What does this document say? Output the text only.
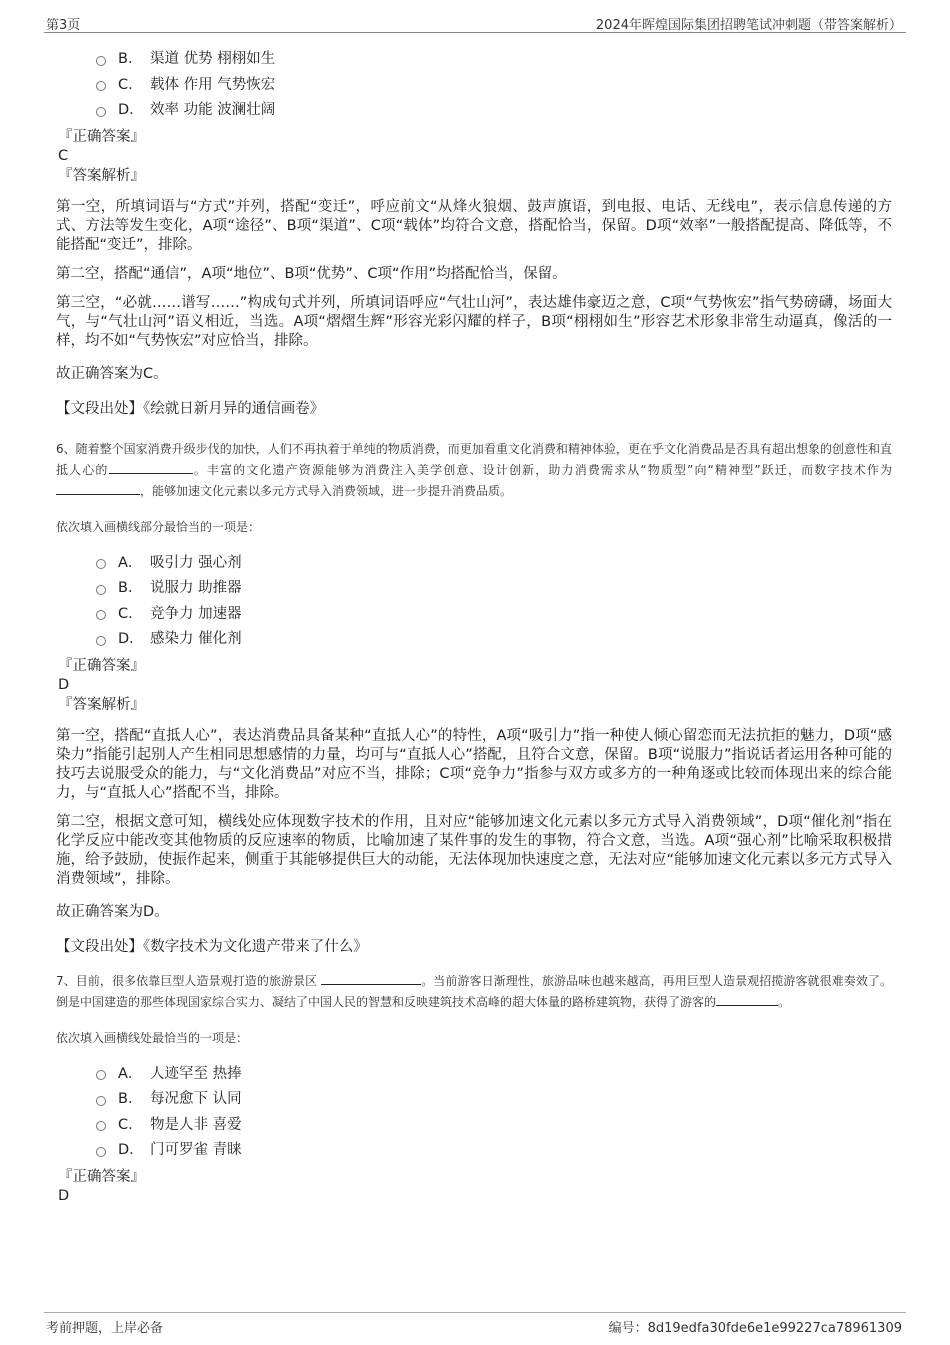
第3页	2024年晖煌国际集团招聘笔试冲刺题（带答案解析）
B． 渠道 优势 栩栩如生
C． 载体 作用 气势恢宏
D． 效率 功能 波澜壮阔
『正确答案』
C
『答案解析』

第一空，所填词语与“方式”并列，搭配“变迁”，呼应前文“从烽火狼烟、鼓声旗语，到电报、电话、无线电”，表示信息传递的方式、方法等发生变化，A项“途径”、B项“渠道”、C项“载体”均符合文意，搭配恰当，保留。D项“效率”一般搭配提高、降低等，不能搭配“变迁”，排除。

第二空，搭配“通信”，A项“地位”、B项“优势”、C项“作用”均搭配恰当，保留。

第三空，“必就……谱写……”构成句式并列，所填词语呼应“气壮山河”，表达雄伟豪迈之意，C项“气势恢宏”指气势磅礴，场面大气，与“气壮山河”语义相近，当选。A项“熠熠生辉”形容光彩闪耀的样子，B项“栩栩如生”形容艺术形象非常生动逼真，像活的一样，均不如“气势恢宏”对应恰当，排除。

故正确答案为C。

【文段出处】《绘就日新月异的通信画卷》

6、随着整个国家消费升级步伐的加快，人们不再执着于单纯的物质消费，而更加看重文化消费和精神体验，更在乎文化消费品是否具有超出想象的创意性和直抵人心的	。丰富的文化遗产资源能够为消费注入美学创意、设计创新，助力消费需求从“物质型”向“精神型”跃迁，而数字技术作为，能够加速文化元素以多元方式导入消费领域，进一步提升消费品质。

依次填入画横线部分最恰当的一项是：

A． 吸引力 强心剂
B． 说服力 助推器
C． 竞争力 加速器
D． 感染力 催化剂
『正确答案』
D
『答案解析』

第一空，搭配“直抵人心”，表达消费品具备某种“直抵人心”的特性，A项“吸引力”指一种使人倾心留恋而无法抗拒的魅力，D项“感染力”指能引起别人产生相同思想感情的力量，均可与“直抵人心”搭配，且符合文意，保留。B项“说服力”指说话者运用各种可能的技巧去说服受众的能力，与“文化消费品”对应不当，排除；C项“竞争力”指参与双方或多方的一种角逐或比较而体现出来的综合能力，与“直抵人心”搭配不当，排除。

第二空，根据文意可知，横线处应体现数字技术的作用，且对应“能够加速文化元素以多元方式导入消费领域”，D项“催化剂”指在化学反应中能改变其他物质的反应速率的物质，比喻加速了某件事的发生的事物，符合文意，当选。A项“强心剂”比喻采取积极措施，给予鼓励，使振作起来，侧重于其能够提供巨大的动能，无法体现加快速度之意，无法对应“能够加速文化元素以多元方式导入消费领域”，排除。

故正确答案为D。

【文段出处】《数字技术为文化遗产带来了什么》

7、目前，很多依靠巨型人造景观打造的旅游景区	。当前游客日渐理性，旅游品味也越来越高，再用巨型人造景观招揽游客就很难奏效了。倒是中国建造的那些体现国家综合实力、凝结了中国人民的智慧和反映建筑技术高峰的超大体量的路桥建筑物，获得了游客的	。

依次填入画横线处最恰当的一项是：

A． 人迹罕至 热捧
B． 每况愈下 认同
C． 物是人非 喜爱
D． 门可罗雀 青睐
『正确答案』
D
考前押题，上岸必备	编号：8d19edfa30fde6e1e99227ca78961309
